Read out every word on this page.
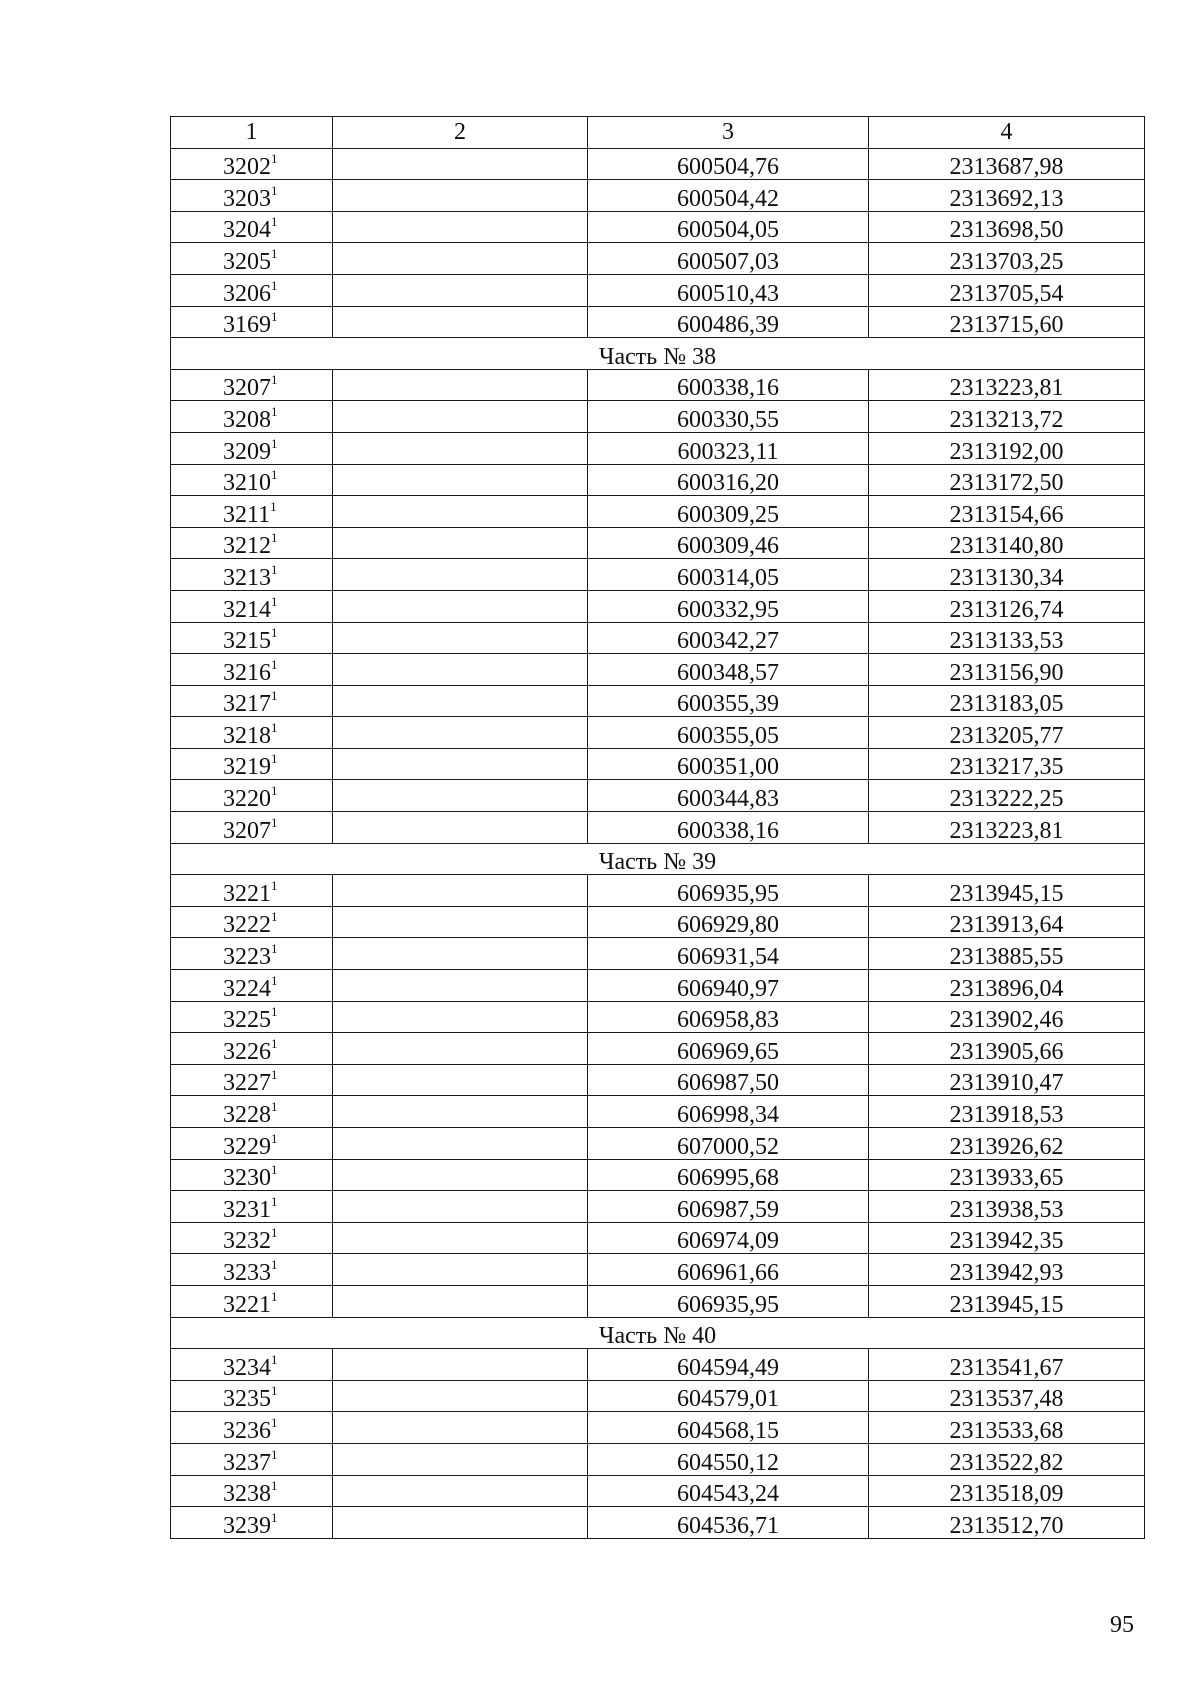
1	2	3	4
3202$^1$		600504,76	2313687,98
3203$^1$		600504,42	2313692,13
3204$^1$		600504,05	2313698,50
3205$^1$		600507,03	2313703,25
3206$^1$		600510,43	2313705,54
3169$^1$		600486,39	2313715,60
Часть № 38			
3207$^1$		600338,16	2313223,81
3208$^1$		600330,55	2313213,72
3209$^1$		600323,11	2313192,00
3210$^1$		600316,20	2313172,50
3211$^1$		600309,25	2313154,66
3212$^1$		600309,46	2313140,80
3213$^1$		600314,05	2313130,34
3214$^1$		600332,95	2313126,74
3215$^1$		600342,27	2313133,53
3216$^1$		600348,57	2313156,90
3217$^1$		600355,39	2313183,05
3218$^1$		600355,05	2313205,77
3219$^1$		600351,00	2313217,35
3220$^1$		600344,83	2313222,25
3207$^1$		600338,16	2313223,81
Часть № 39			
3221$^1$		606935,95	2313945,15
3222$^1$		606929,80	2313913,64
3223$^1$		606931,54	2313885,55
3224$^1$		606940,97	2313896,04
3225$^1$		606958,83	2313902,46
3226$^1$		606969,65	2313905,66
3227$^1$		606987,50	2313910,47
3228$^1$		606998,34	2313918,53
3229$^1$		607000,52	2313926,62
3230$^1$		606995,68	2313933,65
3231$^1$		606987,59	2313938,53
3232$^1$		606974,09	2313942,35
3233$^1$		606961,66	2313942,93
3221$^1$		606935,95	2313945,15
Часть № 40			
3234$^1$		604594,49	2313541,67
3235$^1$		604579,01	2313537,48
3236$^1$		604568,15	2313533,68
3237$^1$		604550,12	2313522,82
3238$^1$		604543,24	2313518,09
3239$^1$		604536,71	2313512,70
95
